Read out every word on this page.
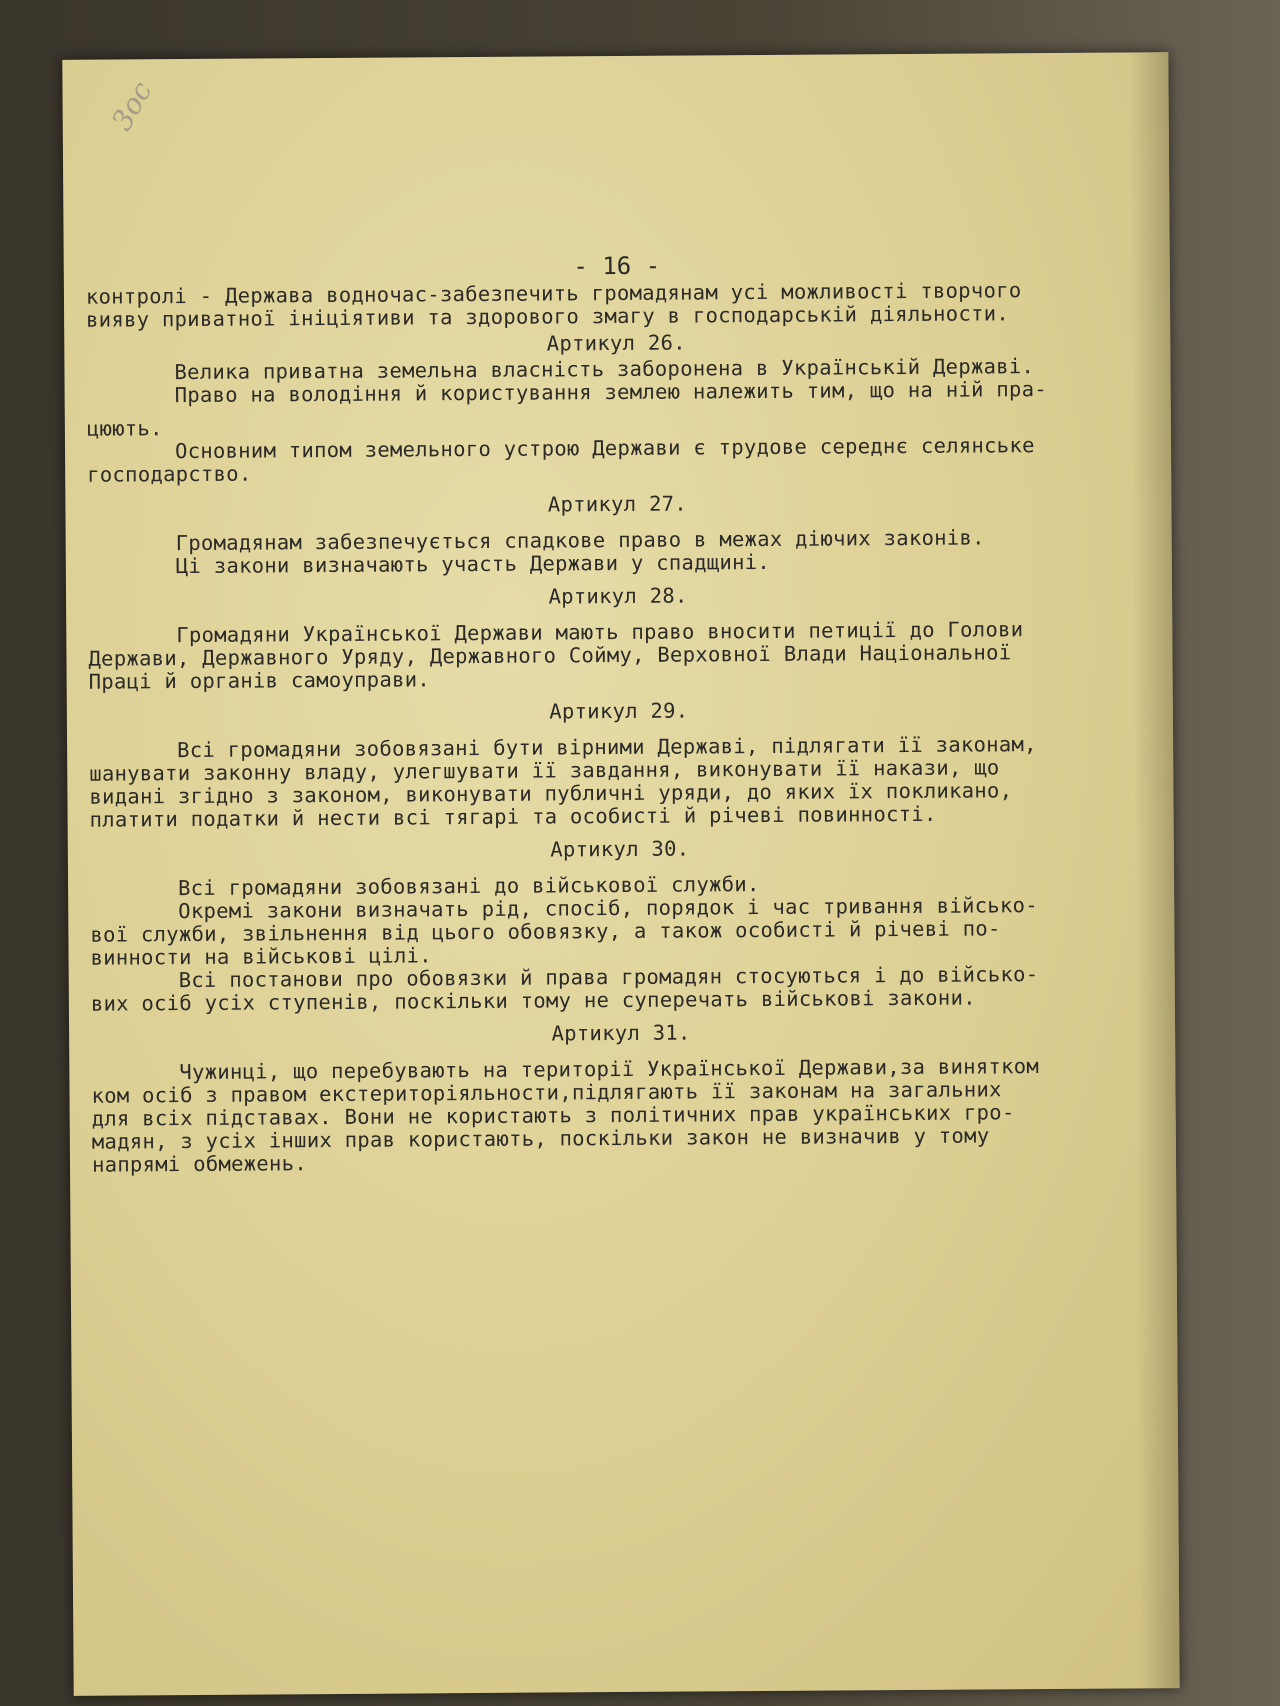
3ос
- 16 -
контролі - Держава водночас-забезпечить громадянам усі можливості творчого
вияву приватної ініціятиви та здорового змагу в господарській діяльности.
Артикул 26.
Велика приватна земельна власність заборонена в Українській Державі.
Право на володіння й користування землею належить тим, що на ній пра-
цюють.
Основним типом земельного устрою Держави є трудове середнє селянське
господарство.
Артикул 27.
Громадянам забезпечується спадкове право в межах діючих законів.
Ці закони визначають участь Держави у спадщині.
Артикул 28.
Громадяни Української Держави мають право вносити петиції до Голови
Держави, Державного Уряду, Державного Сойму, Верховної Влади Національної
Праці й органів самоуправи.
Артикул 29.
Всі громадяни зобовязані бути вірними Державі, підлягати її законам,
шанувати законну владу, улегшувати її завдання, виконувати її накази, що
видані згідно з законом, виконувати публичні уряди, до яких їх покликано,
платити податки й нести всі тягарі та особисті й річеві повинності.
Артикул 30.
Всі громадяни зобовязані до військової служби.
Окремі закони визначать рід, спосіб, порядок і час тривання військо-
вої служби, звільнення від цього обовязку, а також особисті й річеві по-
винности на військові цілі.
Всі постанови про обовязки й права громадян стосуються і до військо-
вих осіб усіх ступенів, поскільки тому не суперечать військові закони.
Артикул 31.
Чужинці, що перебувають на території Української Держави,за винятком
ком осіб з правом екстериторіяльности,підлягають її законам на загальних
для всіх підставах. Вони не користають з політичних прав українських гро-
мадян, з усіх інших прав користають, поскільки закон не визначив у тому
напрямі обмежень.
